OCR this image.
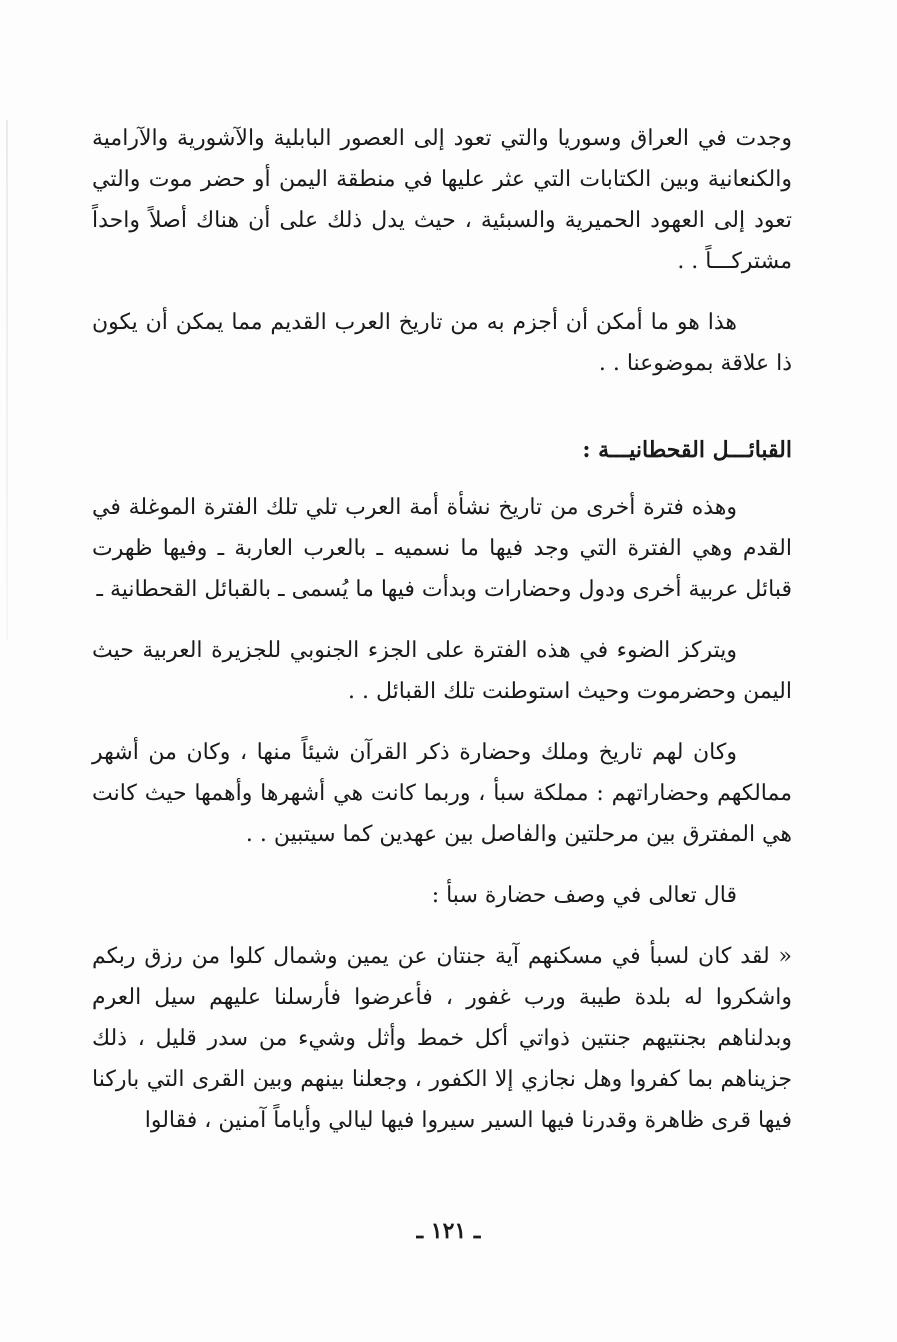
وجدت في العراق وسوريا والتي تعود إلى العصور البابلية والآشورية والآرامية والكنعانية وبين الكتابات التي عثر عليها في منطقة اليمن أو حضر موت والتي تعود إلى العهود الحميرية والسبئية ، حيث يدل ذلك على أن هناك أصلاً واحداً مشتركـــاً . .

هذا هو ما أمكن أن أجزم به من تاريخ العرب القديم مما يمكن أن يكون ذا علاقة بموضوعنا . .

القبائـــل القحطانيـــة :

وهذه فترة أخرى من تاريخ نشأة أمة العرب تلي تلك الفترة الموغلة في القدم وهي الفترة التي وجد فيها ما نسميه ـ بالعرب العاربة ـ وفيها ظهرت قبائل عربية أخرى ودول وحضارات وبدأت فيها ما يُسمى ـ بالقبائل القحطانية ـ

ويتركز الضوء في هذه الفترة على الجزء الجنوبي للجزيرة العربية حيث اليمن وحضرموت وحيث استوطنت تلك القبائل . .

وكان لهم تاريخ وملك وحضارة ذكر القرآن شيئاً منها ، وكان من أشهر ممالكهم وحضاراتهم : مملكة سبأ ، وربما كانت هي أشهرها وأهمها حيث كانت هي المفترق بين مرحلتين والفاصل بين عهدين كما سيتبين . .

قال تعالى في وصف حضارة سبأ :

« لقد كان لسبأ في مسكنهم آية جنتان عن يمين وشمال كلوا من رزق ربكم واشكروا له بلدة طيبة ورب غفور ، فأعرضوا فأرسلنا عليهم سيل العرم وبدلناهم بجنتيهم جنتين ذواتي أكل خمط وأثل وشيء من سدر قليل ، ذلك جزيناهم بما كفروا وهل نجازي إلا الكفور ، وجعلنا بينهم وبين القرى التي باركنا فيها قرى ظاهرة وقدرنا فيها السير سيروا فيها ليالي وأياماً آمنين ، فقالوا

ـ ١٢١ ـ
